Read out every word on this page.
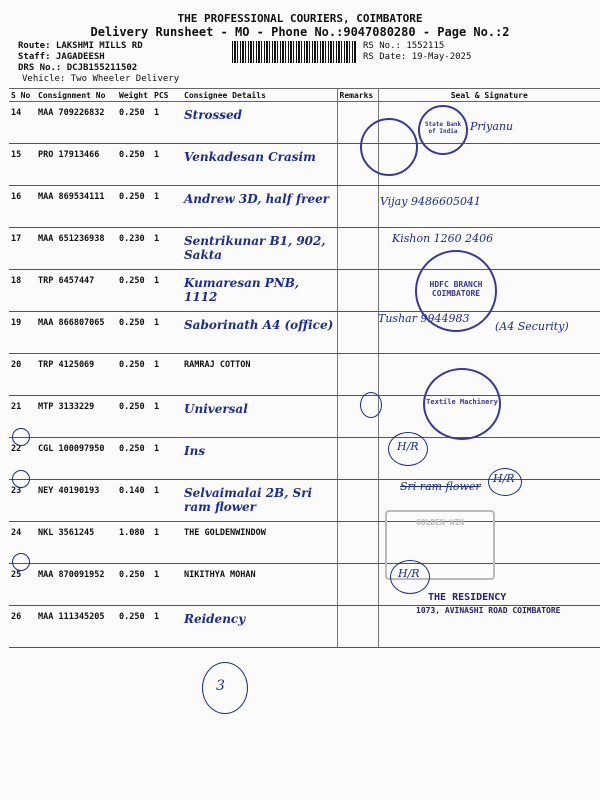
THE PROFESSIONAL COURIERS, COIMBATORE
Delivery Runsheet - MO - Phone No.:9047080280 - Page No.:2
Route: LAKSHMI MILLS RD
Staff: JAGADEESH
DRS No.: DCJB155211502
Vehicle: Two Wheeler Delivery
RS No.: 1552115
RS Date: 19-May-2025
S No	Consignment No	Weight	PCS	Consignee Details	Remarks	Seal & Signature
14	MAA 709226832	0.250	1	Strossed		
15	PRO 17913466	0.250	1	Venkadesan Crasim		
16	MAA 869534111	0.250	1	Andrew 3D, half freer		
17	MAA 651236938	0.230	1	Sentrikunar B1, 902, Sakta		
18	TRP 6457447	0.250	1	Kumaresan PNB, 1112		
19	MAA 866807065	0.250	1	Saborinath A4 (office)		
20	TRP 4125069	0.250	1	RAMRAJ COTTON		
21	MTP 3133229	0.250	1	Universal		
22	CGL 100097950	0.250	1	Ins		
23	NEY 40190193	0.140	1	Selvaimalai 2B, Sri ram flower		
24	NKL 3561245	1.080	1	THE GOLDENWINDOW		
25	MAA 870091952	0.250	1	NIKITHYA MOHAN		
26	MAA 111345205	0.250	1	Reidency		
State Bank of India	Priyanu
Vijay 9486605041
Kishon 1260 2406
HDFC BRANCH COIMBATORE
Tushar 9944983
(A4 Security)
Textile Machinery
H/R
H/R
Sri ram flower
GOLDEN WIN
H/R
THE RESIDENCY
1073, AVINASHI ROAD COIMBATORE
3
